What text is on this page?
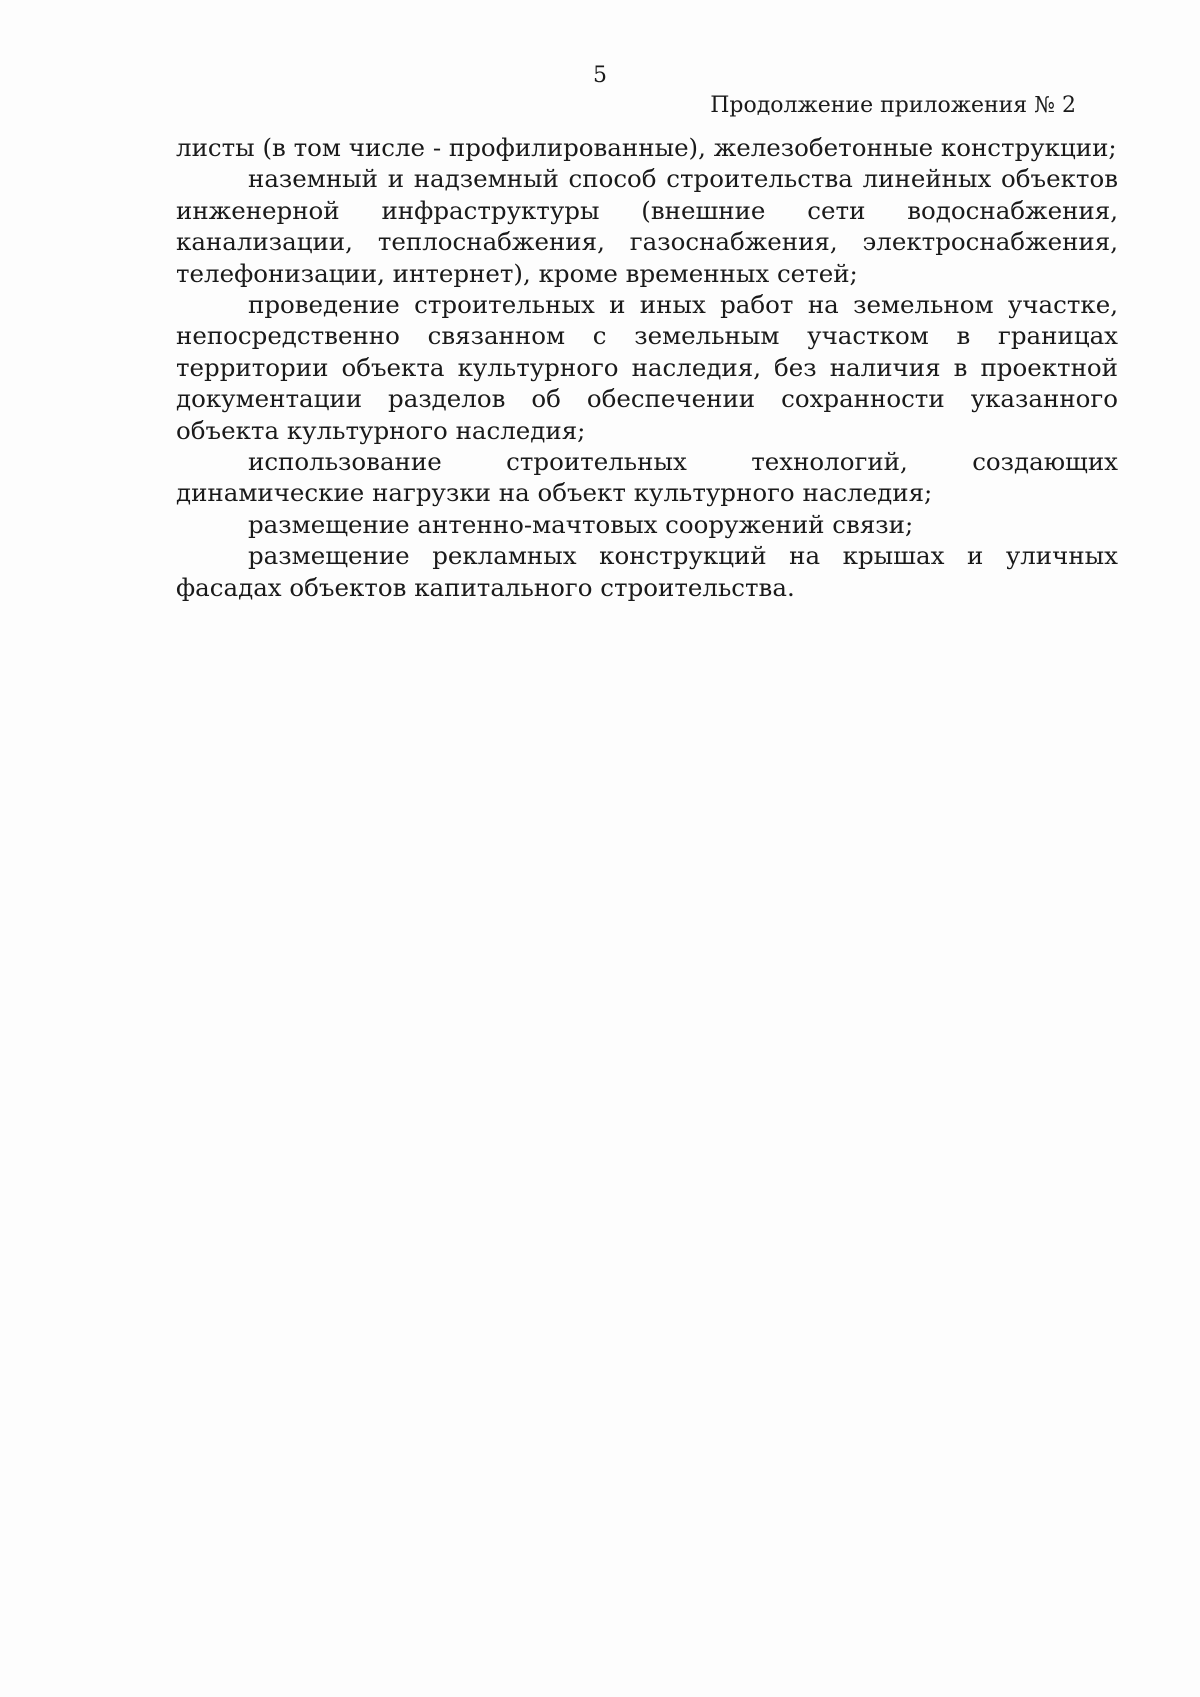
5
Продолжение приложения № 2

листы (в том числе - профилированные), железобетонные конструкции;

наземный и надземный способ строительства линейных объектов инженерной инфраструктуры (внешние сети водоснабжения, канализации, теплоснабжения, газоснабжения, электроснабжения, телефонизации, интернет), кроме временных сетей;

проведение строительных и иных работ на земельном участке, непосредственно связанном с земельным участком в границах территории объекта культурного наследия, без наличия в проектной документации разделов об обеспечении сохранности указанного объекта культурного наследия;

использование строительных технологий, создающих динамические нагрузки на объект культурного наследия;

размещение антенно-мачтовых сооружений связи;

размещение рекламных конструкций на крышах и уличных фасадах объектов капитального строительства.
